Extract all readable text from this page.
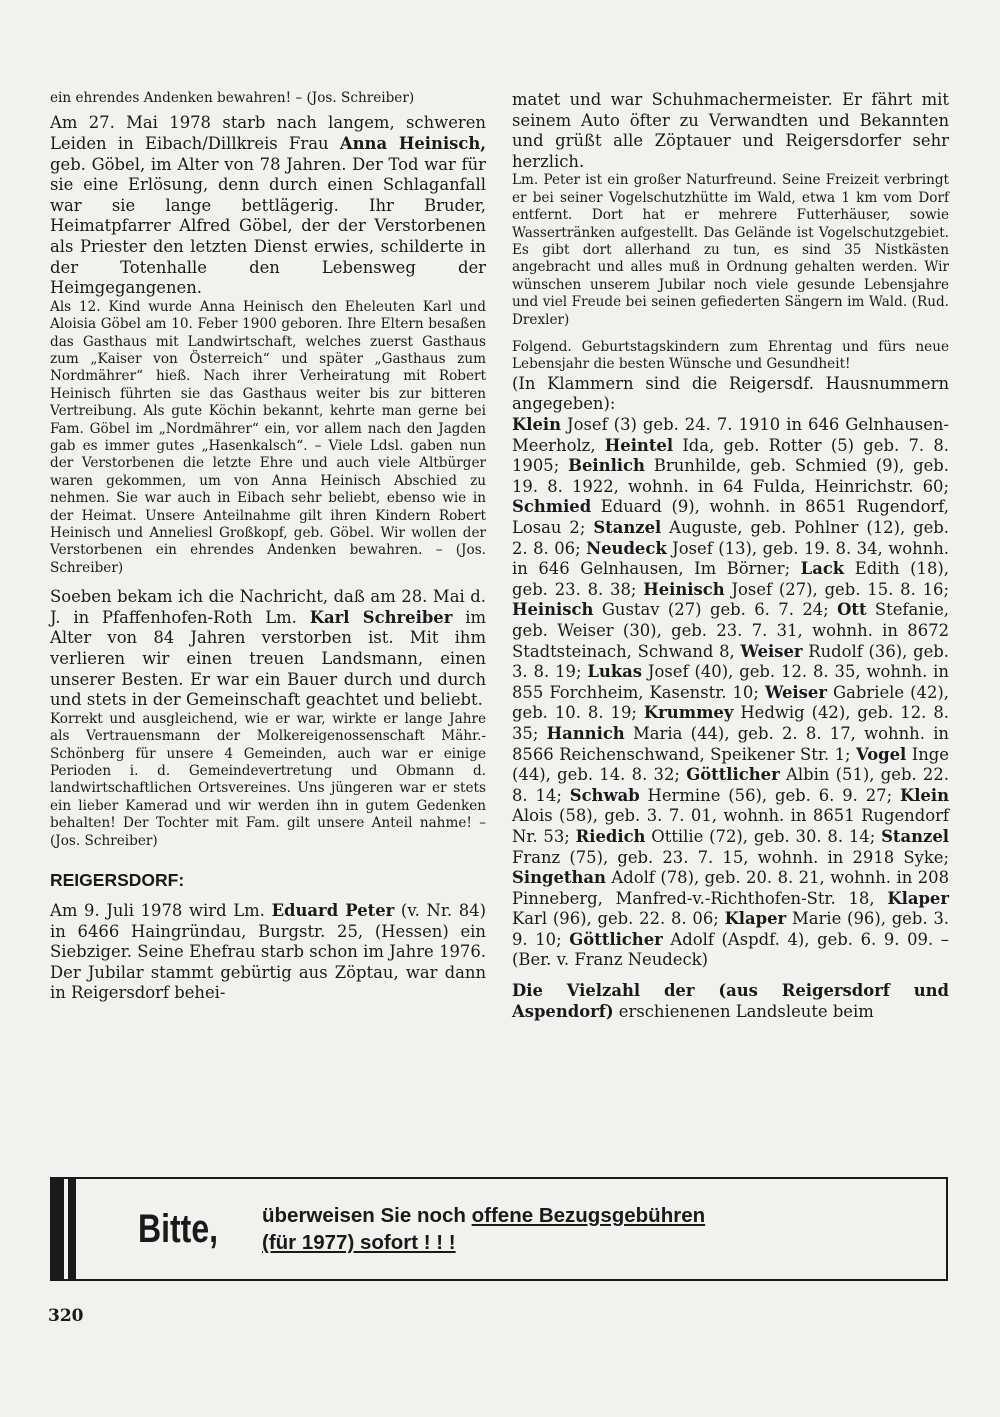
ein ehrendes Andenken bewahren! – (Jos. Schreiber)

Am 27. Mai 1978 starb nach langem, schweren Leiden in Eibach/Dillkreis Frau Anna Heinisch, geb. Göbel, im Alter von 78 Jahren. Der Tod war für sie eine Erlösung, denn durch einen Schlaganfall war sie lange bettlägerig. Ihr Bruder, Heimatpfarrer Alfred Göbel, der der Verstorbenen als Priester den letzten Dienst erwies, schilderte in der Totenhalle den Lebensweg der Heimgegangenen.

Als 12. Kind wurde Anna Heinisch den Eheleuten Karl und Aloisia Göbel am 10. Feber 1900 geboren. Ihre Eltern besaßen das Gasthaus mit Landwirtschaft, welches zuerst Gasthaus zum „Kaiser von Österreich“ und später „Gasthaus zum Nordmährer“ hieß. Nach ihrer Verheiratung mit Robert Heinisch führten sie das Gasthaus weiter bis zur bitteren Vertreibung. Als gute Köchin bekannt, kehrte man gerne bei Fam. Göbel im „Nordmährer“ ein, vor allem nach den Jagden gab es immer gutes „Hasenkalsch“. – Viele Ldsl. gaben nun der Verstorbenen die letzte Ehre und auch viele Altbürger waren gekommen, um von Anna Heinisch Abschied zu nehmen. Sie war auch in Eibach sehr beliebt, ebenso wie in der Heimat. Unsere Anteilnahme gilt ihren Kindern Robert Heinisch und Anneliesl Großkopf, geb. Göbel. Wir wollen der Verstorbenen ein ehrendes Andenken bewahren. – (Jos. Schreiber)

Soeben bekam ich die Nachricht, daß am 28. Mai d. J. in Pfaffenhofen-Roth Lm. Karl Schreiber im Alter von 84 Jahren verstorben ist. Mit ihm verlieren wir einen treuen Landsmann, einen unserer Besten. Er war ein Bauer durch und durch und stets in der Gemeinschaft geachtet und beliebt.

Korrekt und ausgleichend, wie er war, wirkte er lange Jahre als Vertrauensmann der Molkereigenossenschaft Mähr.-Schönberg für unsere 4 Gemeinden, auch war er einige Perioden i. d. Gemeindevertretung und Obmann d. landwirtschaftlichen Ortsvereines. Uns jüngeren war er stets ein lieber Kamerad und wir werden ihn in gutem Gedenken behalten! Der Tochter mit Fam. gilt unsere Anteil nahme! – (Jos. Schreiber)

REIGERSDORF:

Am 9. Juli 1978 wird Lm. Eduard Peter (v. Nr. 84) in 6466 Haingründau, Burgstr. 25, (Hessen) ein Siebziger. Seine Ehefrau starb schon im Jahre 1976. Der Jubilar stammt gebürtig aus Zöptau, war dann in Reigersdorf behei-

matet und war Schuhmachermeister. Er fährt mit seinem Auto öfter zu Verwandten und Bekannten und grüßt alle Zöptauer und Reigersdorfer sehr herzlich.

Lm. Peter ist ein großer Naturfreund. Seine Freizeit verbringt er bei seiner Vogelschutzhütte im Wald, etwa 1 km vom Dorf entfernt. Dort hat er mehrere Futterhäuser, sowie Wassertränken aufgestellt. Das Gelände ist Vogelschutzgebiet. Es gibt dort allerhand zu tun, es sind 35 Nistkästen angebracht und alles muß in Ordnung gehalten werden. Wir wünschen unserem Jubilar noch viele gesunde Lebensjahre und viel Freude bei seinen gefiederten Sängern im Wald. (Rud. Drexler)

Folgend. Geburtstagskindern zum Ehrentag und fürs neue Lebensjahr die besten Wünsche und Gesundheit!

(In Klammern sind die Reigersdf. Hausnummern angegeben):

Klein Josef (3) geb. 24. 7. 1910 in 646 Gelnhausen-Meerholz, Heintel Ida, geb. Rotter (5) geb. 7. 8. 1905; Beinlich Brunhilde, geb. Schmied (9), geb. 19. 8. 1922, wohnh. in 64 Fulda, Heinrichstr. 60; Schmied Eduard (9), wohnh. in 8651 Rugendorf, Losau 2; Stanzel Auguste, geb. Pohlner (12), geb. 2. 8. 06; Neudeck Josef (13), geb. 19. 8. 34, wohnh. in 646 Gelnhausen, Im Börner; Lack Edith (18), geb. 23. 8. 38; Heinisch Josef (27), geb. 15. 8. 16; Heinisch Gustav (27) geb. 6. 7. 24; Ott Stefanie, geb. Weiser (30), geb. 23. 7. 31, wohnh. in 8672 Stadtsteinach, Schwand 8, Weiser Rudolf (36), geb. 3. 8. 19; Lukas Josef (40), geb. 12. 8. 35, wohnh. in 855 Forchheim, Kasenstr. 10; Weiser Gabriele (42), geb. 10. 8. 19; Krummey Hedwig (42), geb. 12. 8. 35; Hannich Maria (44), geb. 2. 8. 17, wohnh. in 8566 Reichenschwand, Speikener Str. 1; Vogel Inge (44), geb. 14. 8. 32; Göttlicher Albin (51), geb. 22. 8. 14; Schwab Hermine (56), geb. 6. 9. 27; Klein Alois (58), geb. 3. 7. 01, wohnh. in 8651 Rugendorf Nr. 53; Riedich Ottilie (72), geb. 30. 8. 14; Stanzel Franz (75), geb. 23. 7. 15, wohnh. in 2918 Syke; Singethan Adolf (78), geb. 20. 8. 21, wohnh. in 208 Pinneberg, Manfred-v.-Richthofen-Str. 18, Klaper Karl (96), geb. 22. 8. 06; Klaper Marie (96), geb. 3. 9. 10; Göttlicher Adolf (Aspdf. 4), geb. 6. 9. 09. – (Ber. v. Franz Neudeck)

Die Vielzahl der (aus Reigersdorf und Aspendorf) erschienenen Landsleute beim

Bitte,	überweisen Sie noch offene Bezugsgebühren
(für 1977) sofort ! ! !
320
